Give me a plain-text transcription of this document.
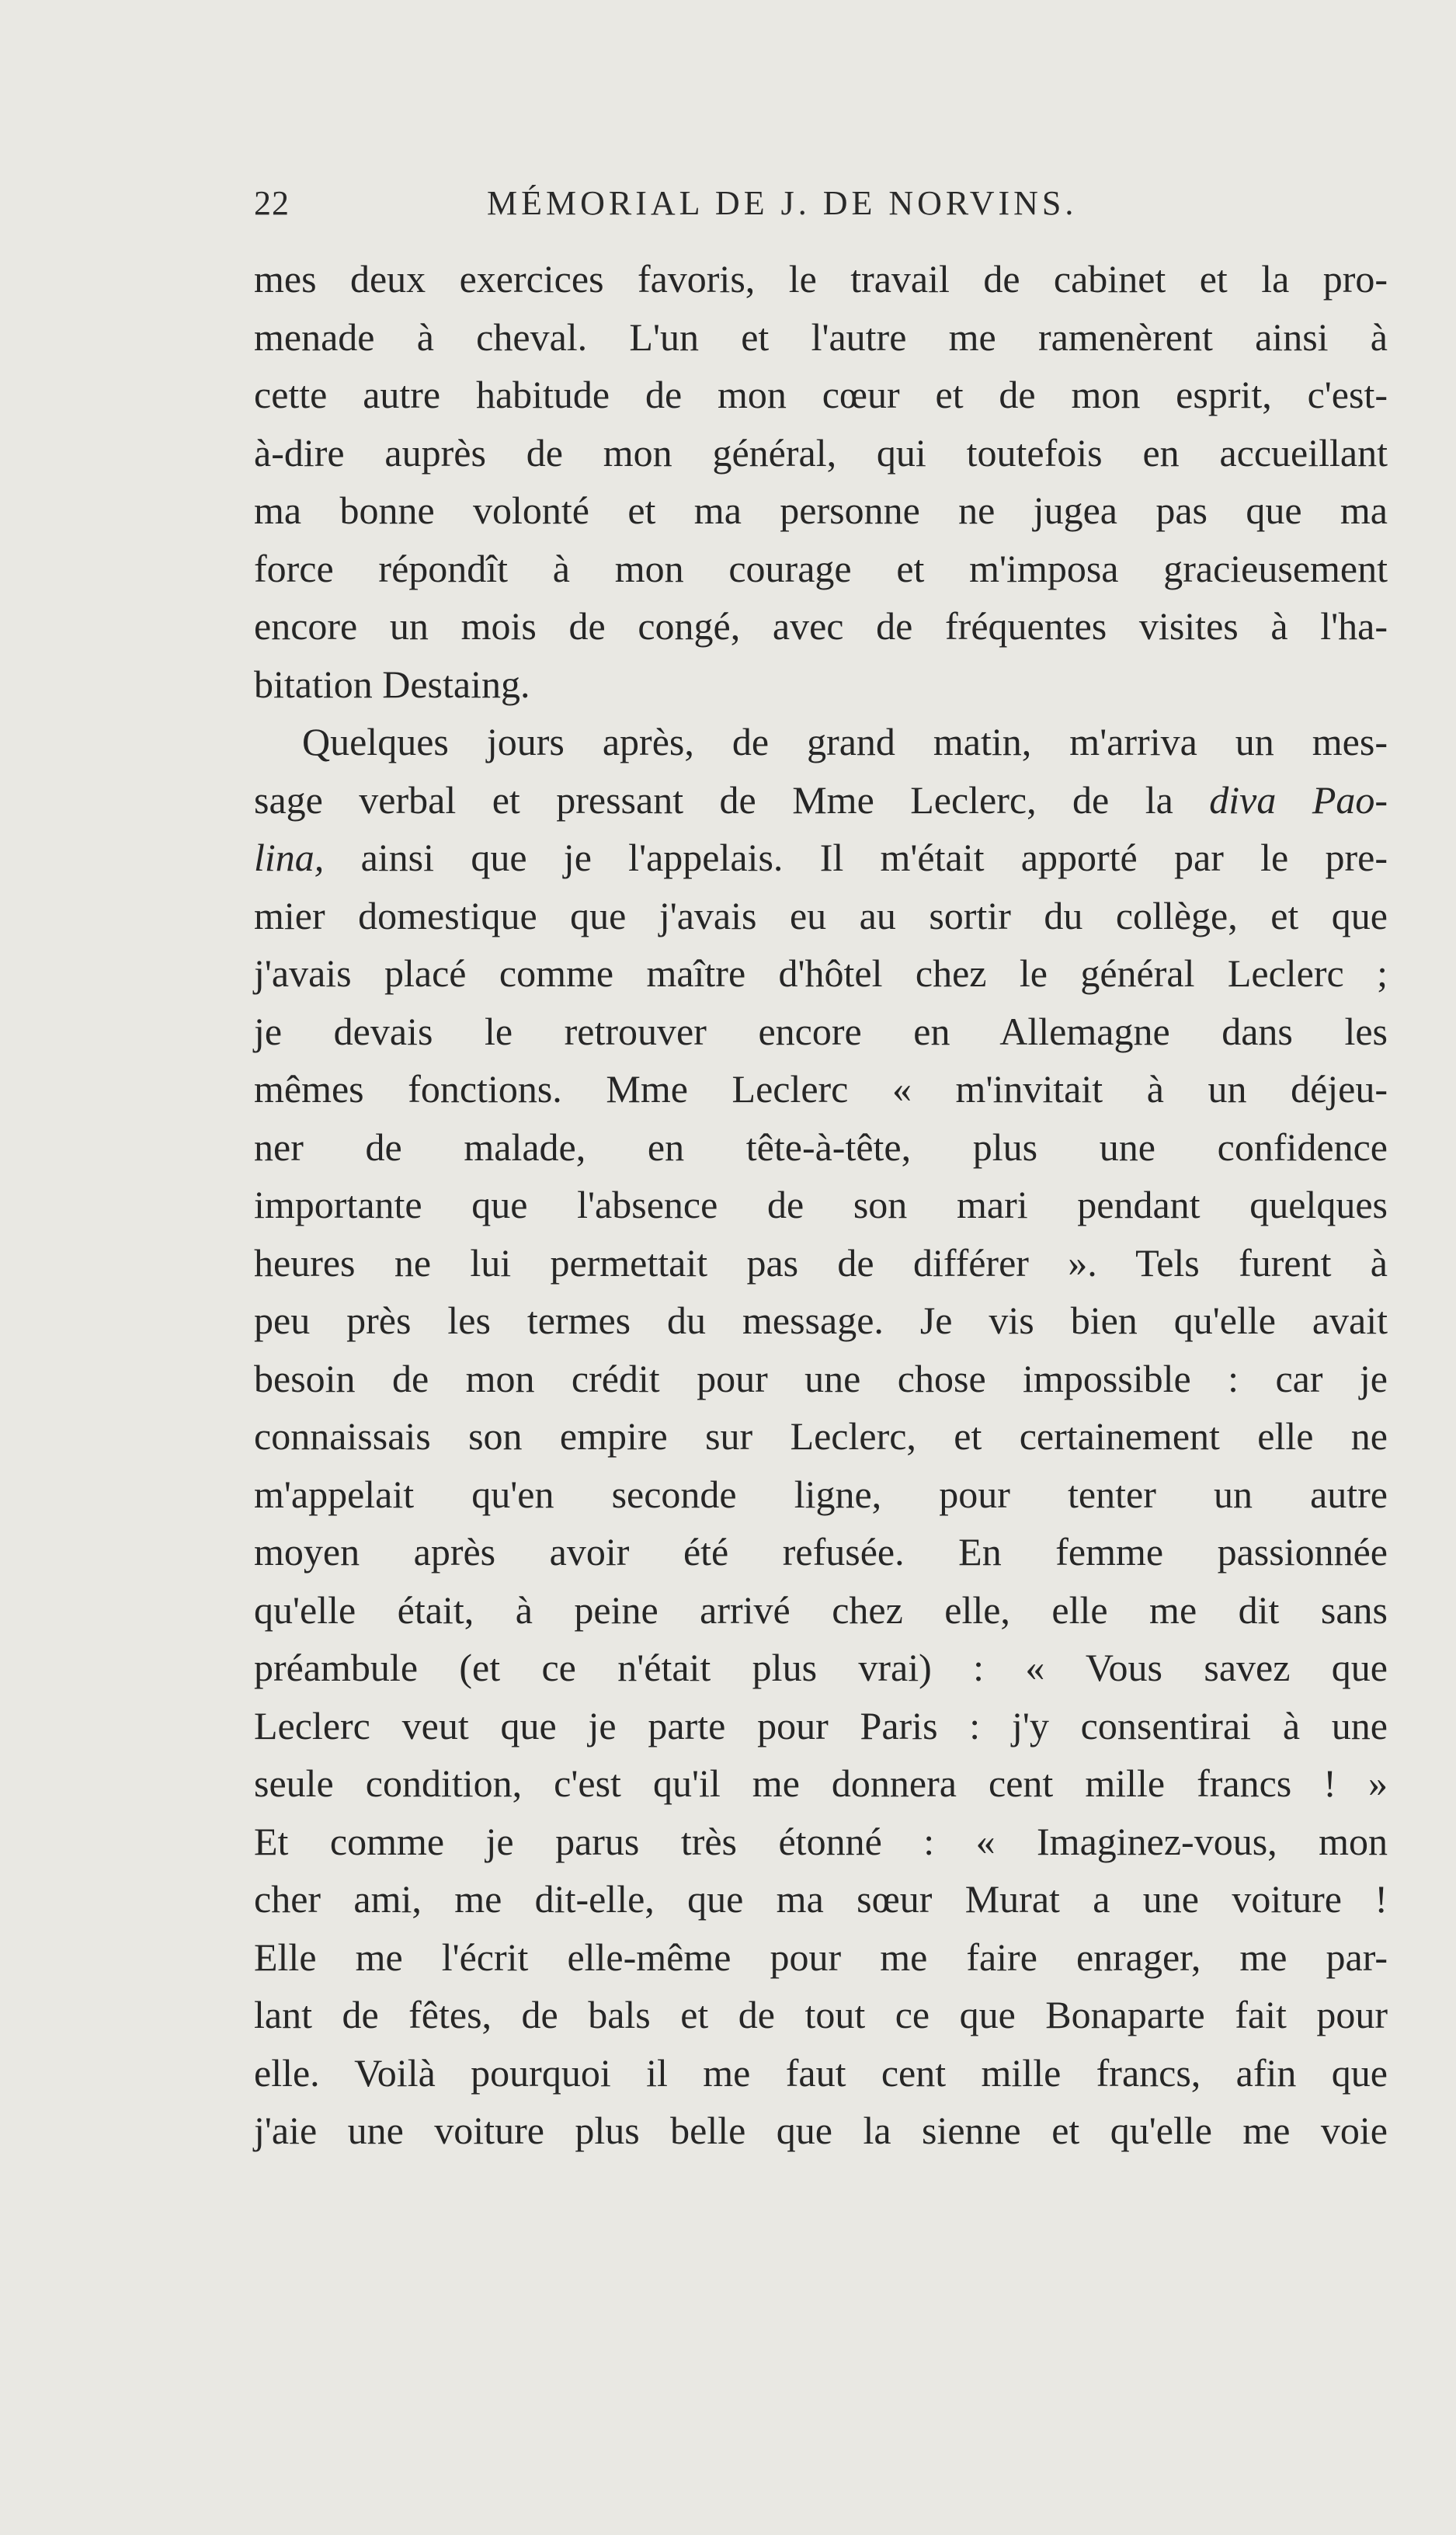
22	MÉMORIAL DE J. DE NORVINS.
mes deux exercices favoris, le travail de cabinet et la pro-
menade à cheval. L'un et l'autre me ramenèrent ainsi à
cette autre habitude de mon cœur et de mon esprit, c'est-
à-dire auprès de mon général, qui toutefois en accueillant
ma bonne volonté et ma personne ne jugea pas que ma
force répondît à mon courage et m'imposa gracieusement
encore un mois de congé, avec de fréquentes visites à l'ha-
bitation Destaing.
Quelques jours après, de grand matin, m'arriva un mes-
sage verbal et pressant de Mme Leclerc, de la diva Pao-
lina, ainsi que je l'appelais. Il m'était apporté par le pre-
mier domestique que j'avais eu au sortir du collège, et que
j'avais placé comme maître d'hôtel chez le général Leclerc ;
je devais le retrouver encore en Allemagne dans les
mêmes fonctions. Mme Leclerc « m'invitait à un déjeu-
ner de malade, en tête-à-tête, plus une confidence
importante que l'absence de son mari pendant quelques
heures ne lui permettait pas de différer ». Tels furent à
peu près les termes du message. Je vis bien qu'elle avait
besoin de mon crédit pour une chose impossible : car je
connaissais son empire sur Leclerc, et certainement elle ne
m'appelait qu'en seconde ligne, pour tenter un autre
moyen après avoir été refusée. En femme passionnée
qu'elle était, à peine arrivé chez elle, elle me dit sans
préambule (et ce n'était plus vrai) : « Vous savez que
Leclerc veut que je parte pour Paris : j'y consentirai à une
seule condition, c'est qu'il me donnera cent mille francs ! »
Et comme je parus très étonné : « Imaginez-vous, mon
cher ami, me dit-elle, que ma sœur Murat a une voiture !
Elle me l'écrit elle-même pour me faire enrager, me par-
lant de fêtes, de bals et de tout ce que Bonaparte fait pour
elle. Voilà pourquoi il me faut cent mille francs, afin que
j'aie une voiture plus belle que la sienne et qu'elle me voie
